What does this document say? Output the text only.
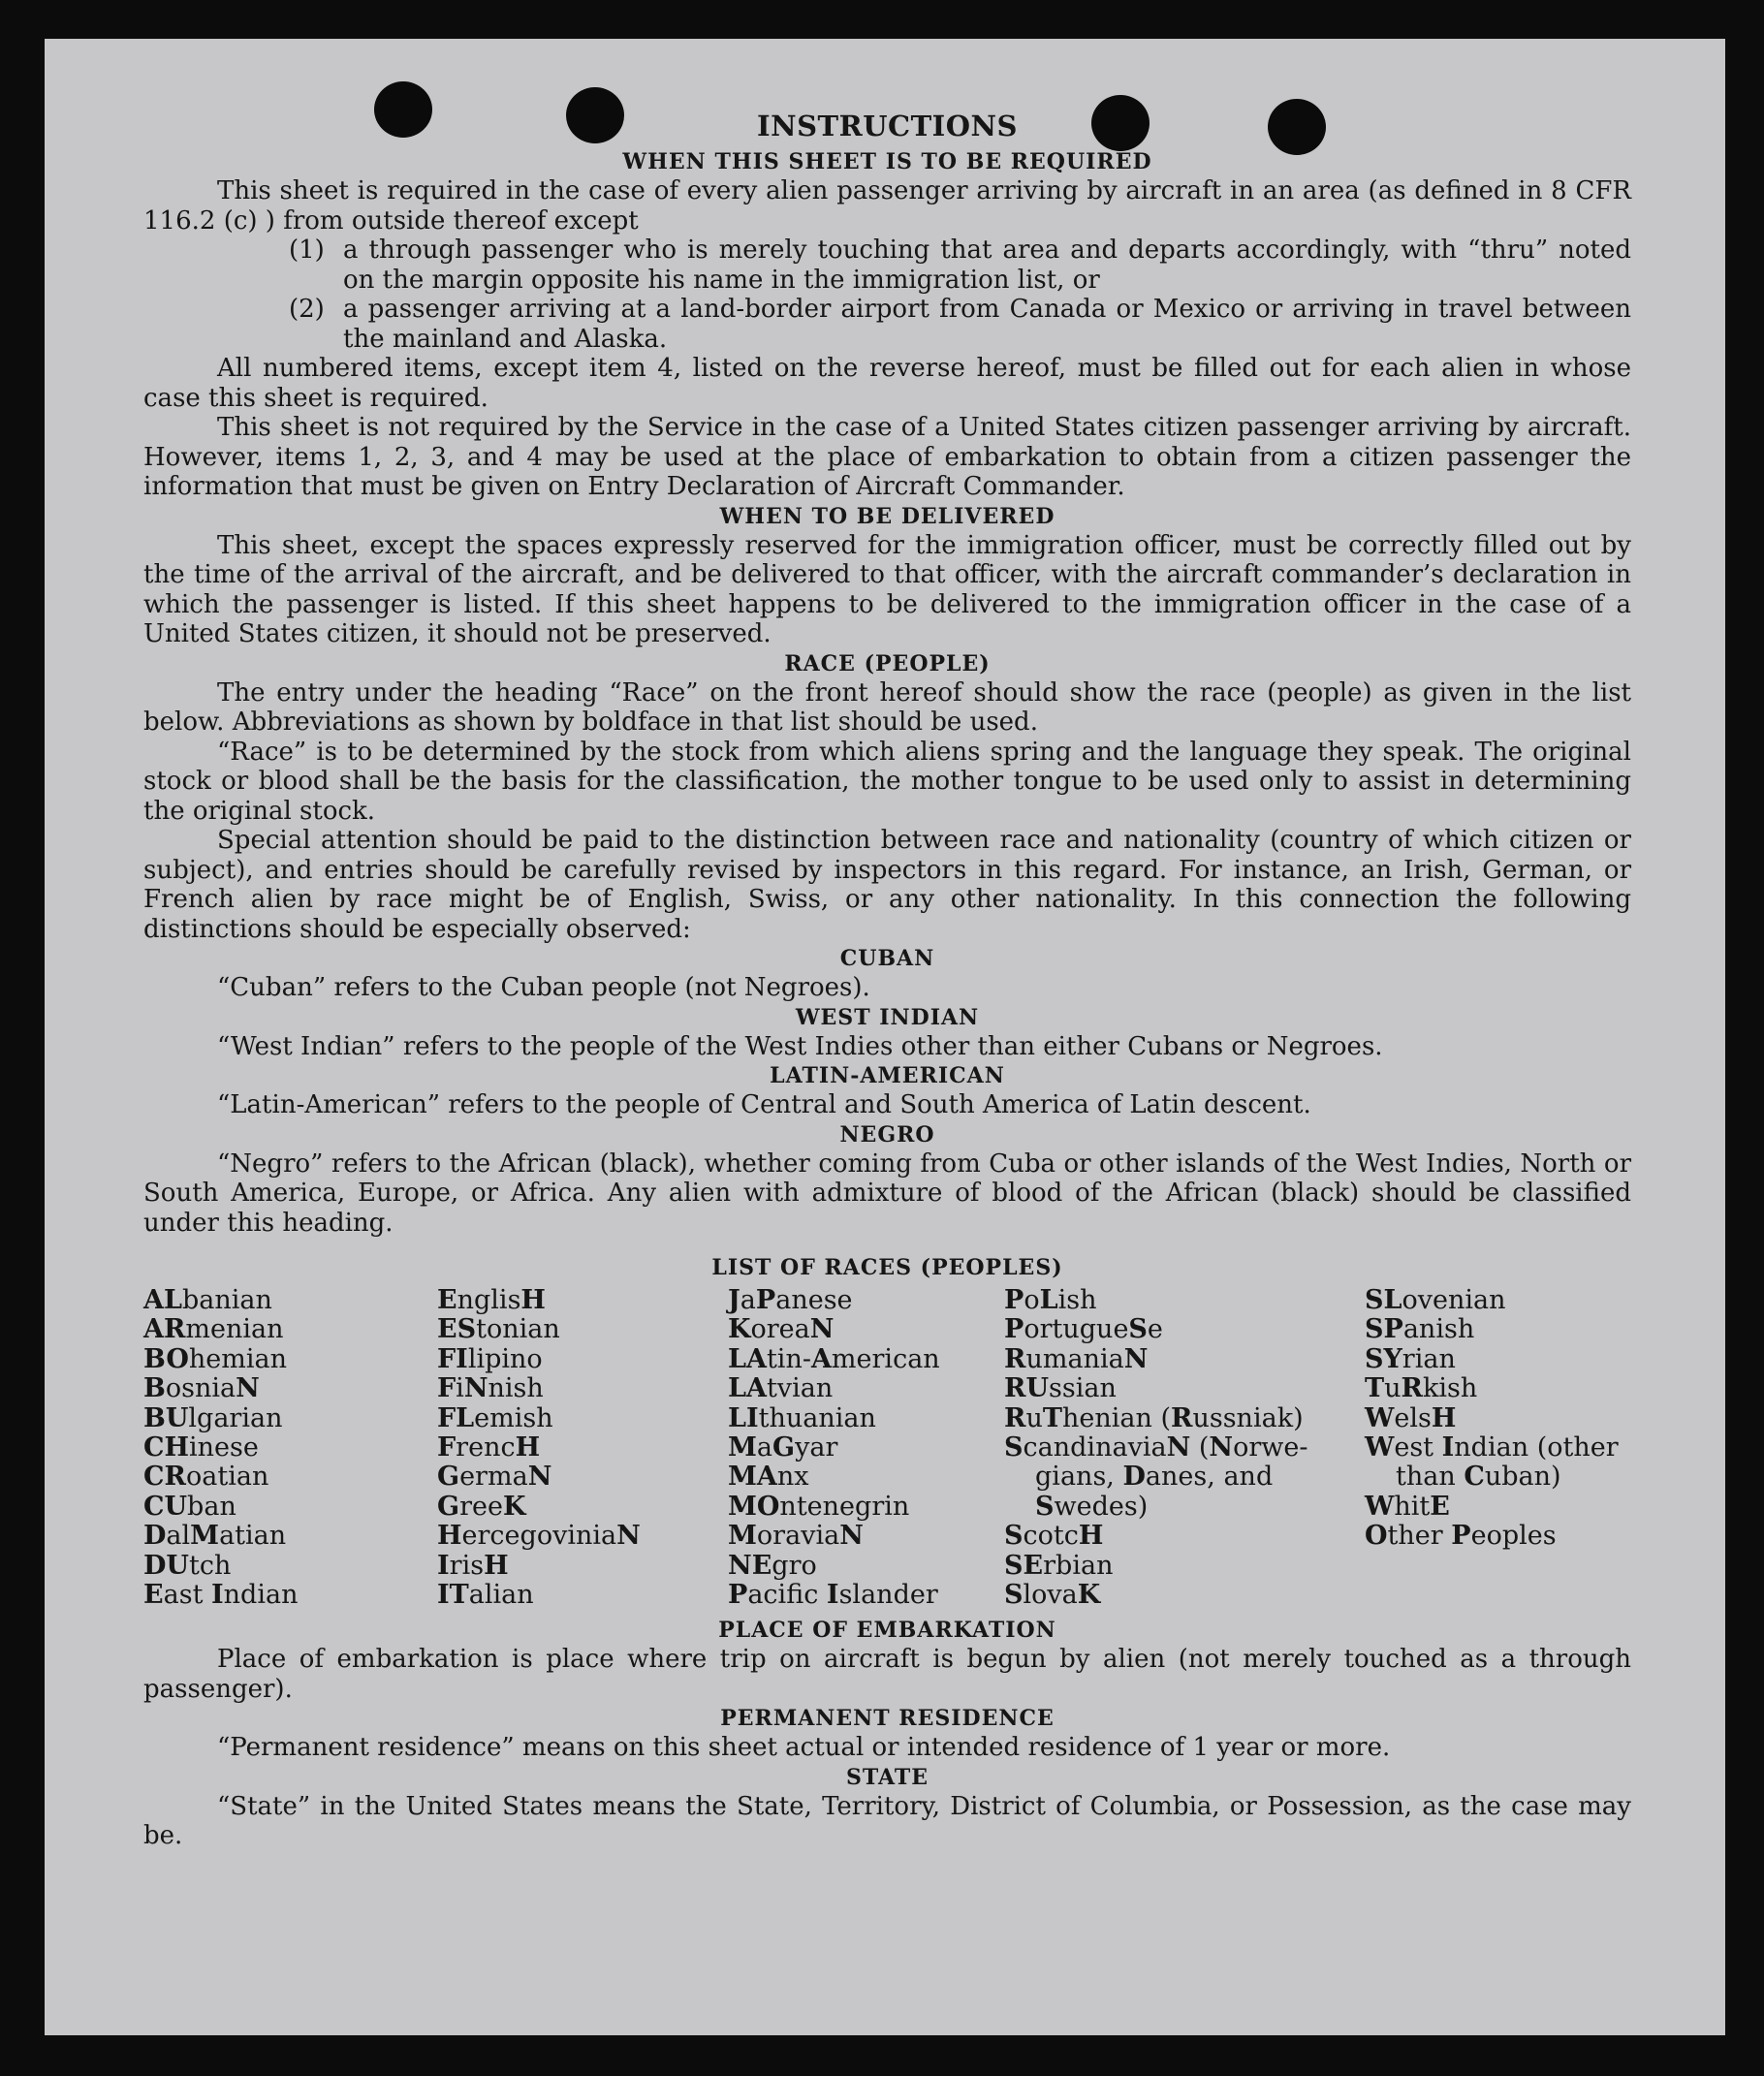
INSTRUCTIONS
WHEN THIS SHEET IS TO BE REQUIRED

This sheet is required in the case of every alien passenger arriving by aircraft in an area (as defined in 8 CFR 116.2 (c) ) from outside thereof except

(1) a through passenger who is merely touching that area and departs accordingly, with “thru” noted on the margin opposite his name in the immigration list, or
(2) a passenger arriving at a land-border airport from Canada or Mexico or arriving in travel between the mainland and Alaska.

All numbered items, except item 4, listed on the reverse hereof, must be filled out for each alien in whose case this sheet is required.

This sheet is not required by the Service in the case of a United States citizen passenger arriving by aircraft. However, items 1, 2, 3, and 4 may be used at the place of embarkation to obtain from a citizen passenger the information that must be given on Entry Declaration of Aircraft Commander.

WHEN TO BE DELIVERED

This sheet, except the spaces expressly reserved for the immigration officer, must be correctly filled out by the time of the arrival of the aircraft, and be delivered to that officer, with the aircraft commander’s declaration in which the passenger is listed. If this sheet happens to be delivered to the immigration officer in the case of a United States citizen, it should not be preserved.

RACE (PEOPLE)

The entry under the heading “Race” on the front hereof should show the race (people) as given in the list below. Abbreviations as shown by boldface in that list should be used.

“Race” is to be determined by the stock from which aliens spring and the language they speak. The original stock or blood shall be the basis for the classification, the mother tongue to be used only to assist in determining the original stock.

Special attention should be paid to the distinction between race and nationality (country of which citizen or subject), and entries should be carefully revised by inspectors in this regard. For instance, an Irish, German, or French alien by race might be of English, Swiss, or any other nationality. In this connection the following distinctions should be especially observed:

CUBAN

“Cuban” refers to the Cuban people (not Negroes).

WEST INDIAN

“West Indian” refers to the people of the West Indies other than either Cubans or Negroes.

LATIN-AMERICAN

“Latin-American” refers to the people of Central and South America of Latin descent.

NEGRO

“Negro” refers to the African (black), whether coming from Cuba or other islands of the West Indies, North or South America, Europe, or Africa. Any alien with admixture of blood of the African (black) should be classified under this heading.

LIST OF RACES (PEOPLES)
ALbanian
ARmenian
BOhemian
BosniaN
BUlgarian
CHinese
CRoatian
CUban
DalMatian
DUtch
East Indian
EnglisH
EStonian
FIlipino
FiNnish
FLemish
FrencH
GermaN
GreeK
HercegoviniaN
IrisH
ITalian
JaPanese
KoreaN
LAtin-American
LAtvian
LIthuanian
MaGyar
MAnx
MOntenegrin
MoraviaN
NEgro
Pacifc Islander
PoLish
PortugueSe
RumaniaN
RUssian
RuThenian (Russniak)
ScandinaviaN (Norwe-
gians, Danes, and
Swedes)
ScotcH
SErbian
SlovaK
SLovenian
SPanish
SYrian
TuRkish
WelsH
West Indian (other
than Cuban)
WhitE
Other Peoples
PLACE OF EMBARKATION

Place of embarkation is place where trip on aircraft is begun by alien (not merely touched as a through passenger).

PERMANENT RESIDENCE

“Permanent residence” means on this sheet actual or intended residence of 1 year or more.

STATE

“State” in the United States means the State, Territory, District of Columbia, or Possession, as the case may be.
